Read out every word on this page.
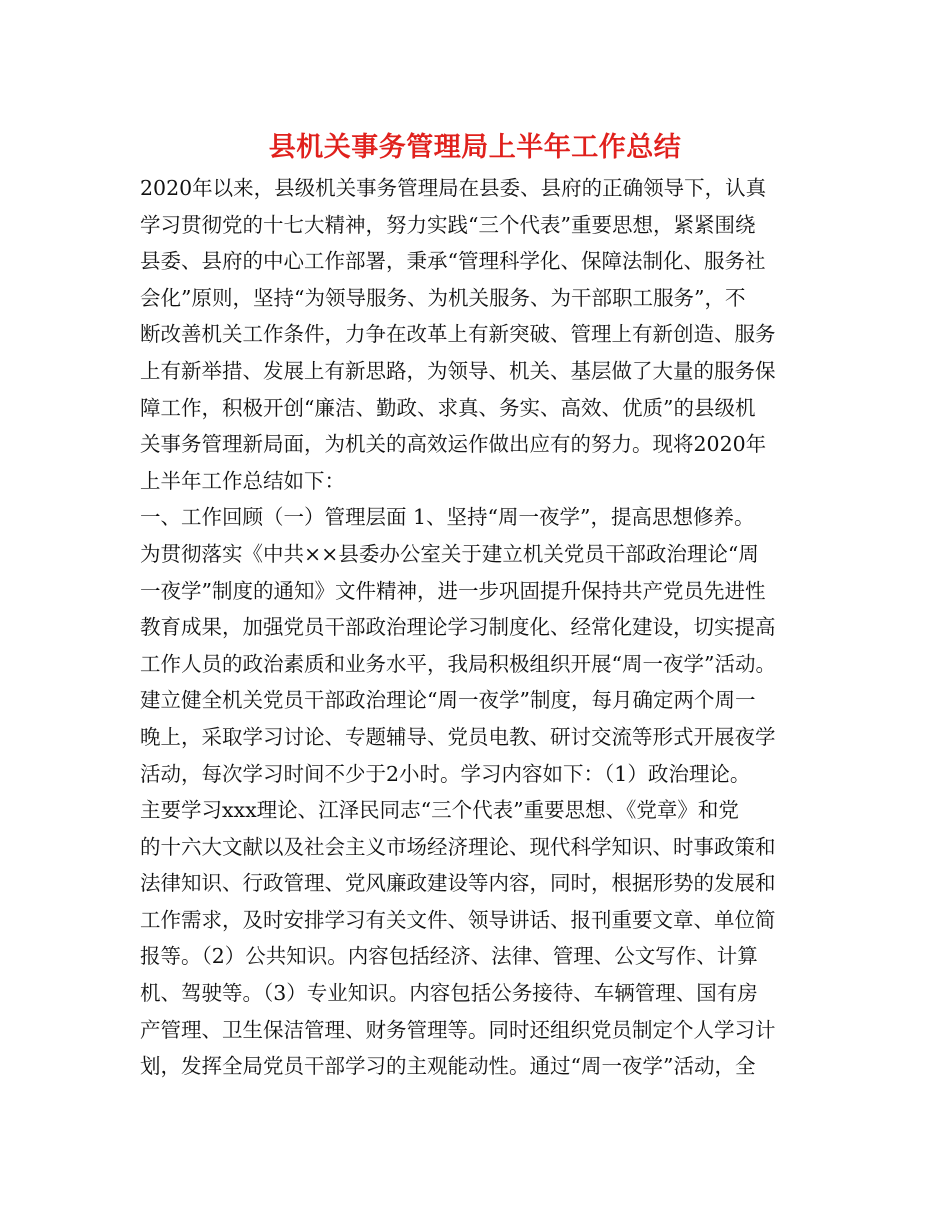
县机关事务管理局上半年工作总结
2020年以来，县级机关事务管理局在县委、县府的正确领导下，认真
学习贯彻党的十七大精神，努力实践“三个代表”重要思想，紧紧围绕
县委、县府的中心工作部署，秉承“管理科学化、保障法制化、服务社
会化”原则，坚持“为领导服务、为机关服务、为干部职工服务”，不
断改善机关工作条件，力争在改革上有新突破、管理上有新创造、服务
上有新举措、发展上有新思路，为领导、机关、基层做了大量的服务保
障工作，积极开创“廉洁、勤政、求真、务实、高效、优质”的县级机
关事务管理新局面，为机关的高效运作做出应有的努力。现将2020年
上半年工作总结如下：
一、工作回顾（一）管理层面 1、坚持“周一夜学”，提高思想修养。
为贯彻落实《中共××县委办公室关于建立机关党员干部政治理论“周
一夜学”制度的通知》文件精神，进一步巩固提升保持共产党员先进性
教育成果，加强党员干部政治理论学习制度化、经常化建设，切实提高
工作人员的政治素质和业务水平，我局积极组织开展“周一夜学”活动。
建立健全机关党员干部政治理论“周一夜学”制度，每月确定两个周一
晚上，采取学习讨论、专题辅导、党员电教、研讨交流等形式开展夜学
活动，每次学习时间不少于2小时。学习内容如下：（1）政治理论。
主要学习xxx理论、江泽民同志“三个代表”重要思想、《党章》和党
的十六大文献以及社会主义市场经济理论、现代科学知识、时事政策和
法律知识、行政管理、党风廉政建设等内容，同时，根据形势的发展和
工作需求，及时安排学习有关文件、领导讲话、报刊重要文章、单位简
报等。（2）公共知识。内容包括经济、法律、管理、公文写作、计算
机、驾驶等。（3）专业知识。内容包括公务接待、车辆管理、国有房
产管理、卫生保洁管理、财务管理等。同时还组织党员制定个人学习计
划，发挥全局党员干部学习的主观能动性。通过“周一夜学”活动，全
